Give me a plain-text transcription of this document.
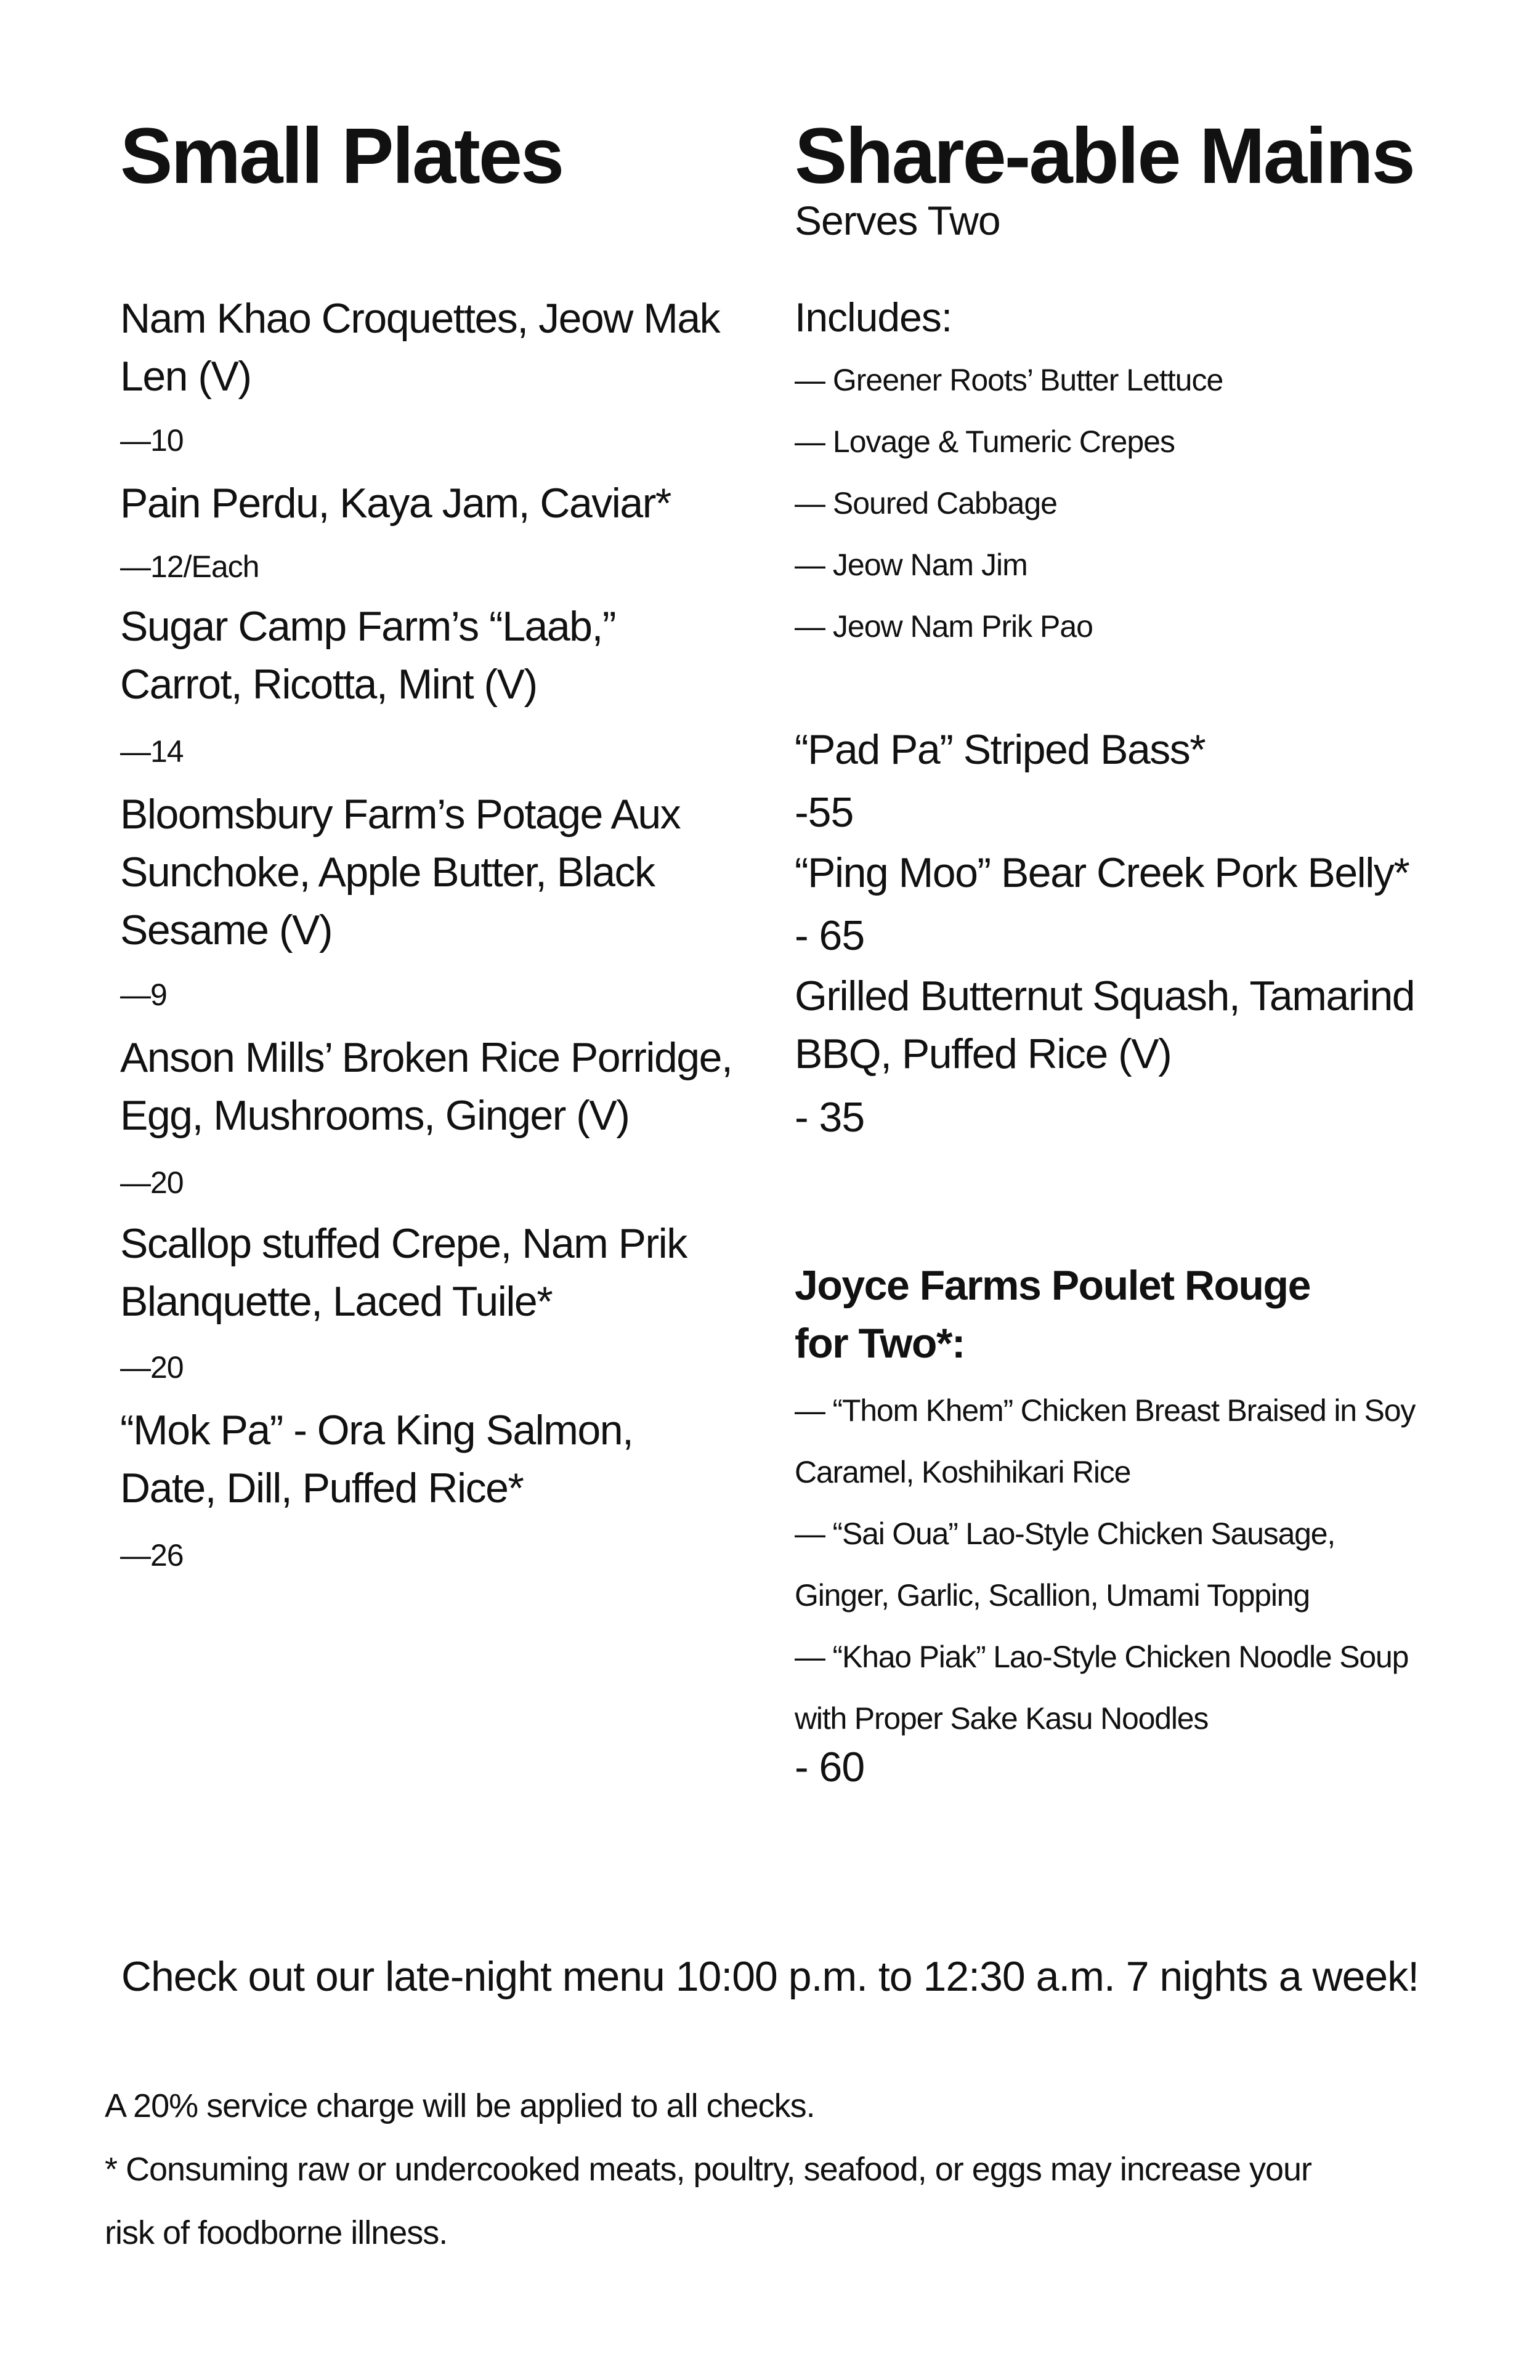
Small Plates
Nam Khao Croquettes, Jeow Mak
Len (V)
—10
Pain Perdu, Kaya Jam, Caviar*
—12/Each
Sugar Camp Farm’s “Laab,”
Carrot, Ricotta, Mint (V)
—14
Bloomsbury Farm’s Potage Aux
Sunchoke, Apple Butter, Black
Sesame (V)
—9
Anson Mills’ Broken Rice Porridge,
Egg, Mushrooms, Ginger (V)
—20
Scallop stuffed Crepe, Nam Prik
Blanquette, Laced Tuile*
—20
“Mok Pa” - Ora King Salmon,
Date, Dill, Puffed Rice*
—26
Share-able Mains
Serves Two
Includes:
— Greener Roots’ Butter Lettuce
— Lovage & Tumeric Crepes
— Soured Cabbage
— Jeow Nam Jim
— Jeow Nam Prik Pao
“Pad Pa” Striped Bass*
-55
“Ping Moo” Bear Creek Pork Belly*
- 65
Grilled Butternut Squash, Tamarind
BBQ, Puffed Rice (V)
- 35
Joyce Farms Poulet Rouge
for Two*:
— “Thom Khem” Chicken Breast Braised in Soy
Caramel, Koshihikari Rice
— “Sai Oua” Lao-Style Chicken Sausage,
Ginger, Garlic, Scallion, Umami Topping
— “Khao Piak” Lao-Style Chicken Noodle Soup
with Proper Sake Kasu Noodles
- 60
Check out our late-night menu 10:00 p.m. to 12:30 a.m. 7 nights a week!
A 20% service charge will be applied to all checks.
* Consuming raw or undercooked meats, poultry, seafood, or eggs may increase your
risk of foodborne illness.
